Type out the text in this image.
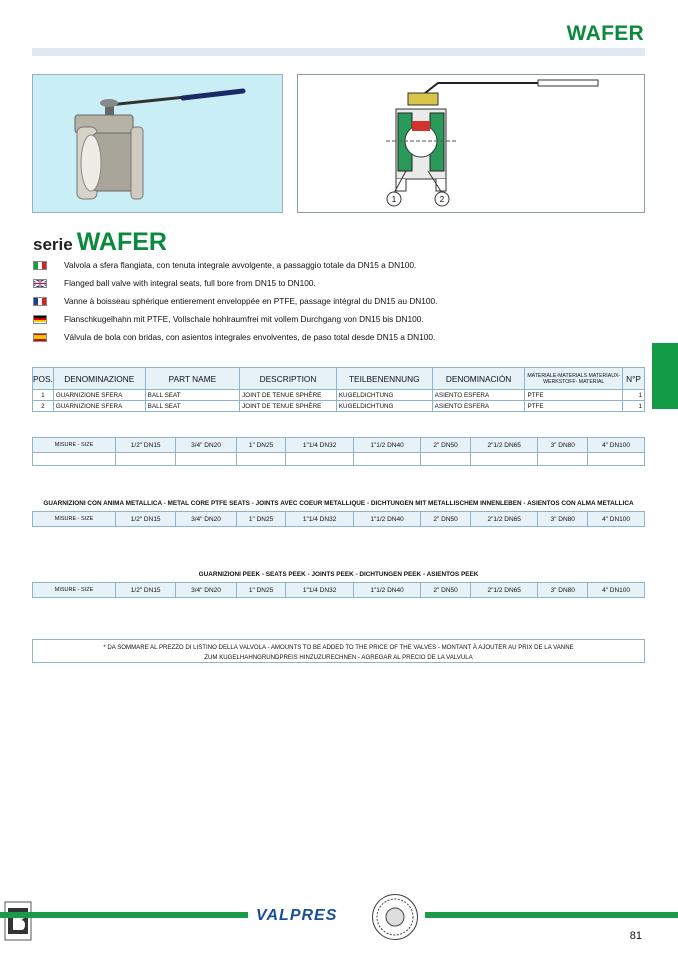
WAFER
1	2
serie WAFER
Valvola a sfera flangiata, con tenuta integrale avvolgente, a passaggio totale da DN15 a DN100.
Flanged ball valve with integral seats, full bore from DN15 to DN100.
Vanne à boisseau sphérique entierement enveloppée en PTFE, passage intégral du DN15 au DN100.
Flanschkugelhahn mit PTFE, Vollschale hohlraumfrei mit vollem Durchgang von DN15 bis DN100.
Válvula de bola con bridas, con asientos integrales envolventes, de paso total desde DN15 a DN100.
POS.	DENOMINAZIONE	PART NAME	DESCRIPTION	TEILBENENNUNG	DENOMINACIÓN	MATERIALE-MATERIALS MATERIAUX-WERKSTOFF- MATERIAL	N°P
1	GUARNIZIONE SFERA	BALL SEAT	JOINT DE TENUE SPHÈRE	KUGELDICHTUNG	ASIENTO ESFERA	PTFE	1
2	GUARNIZIONE SFERA	BALL SEAT	JOINT DE TENUE SPHÈRE	KUGELDICHTUNG	ASIENTO ESFERA	PTFE	1
MISURE - SIZE	1/2" DN15	3/4" DN20	1" DN25	1"1/4 DN32	1"1/2 DN40	2" DN50	2"1/2 DN65	3" DN80	4" DN100

GUARNIZIONI CON ANIMA METALLICA - METAL CORE PTFE SEATS - JOINTS AVEC COEUR METALLIQUE - DICHTUNGEN MIT METALLISCHEM INNENLEBEN - ASIENTOS CON ALMA METALLICA
MISURE - SIZE	1/2" DN15	3/4" DN20	1" DN25	1"1/4 DN32	1"1/2 DN40	2" DN50	2"1/2 DN65	3" DN80	4" DN100
GUARNIZIONI PEEK - SEATS PEEK - JOINTS PEEK - DICHTUNGEN PEEK - ASIENTOS PEEK
MISURE - SIZE	1/2" DN15	3/4" DN20	1" DN25	1"1/4 DN32	1"1/2 DN40	2" DN50	2"1/2 DN65	3" DN80	4" DN100
* DA SOMMARE AL PREZZO DI LISTINO DELLA VALVOLA - AMOUNTS TO BE ADDED TO THE PRICE OF THE VALVES - MONTANT À AJOUTER AU PRIX DE LA VANNE
ZUM KUGELHAHNGRUNDPREIS HINZUZURECHNEN - AGREGAR AL PRECIO DE LA VALVULA
VALPRES
81
